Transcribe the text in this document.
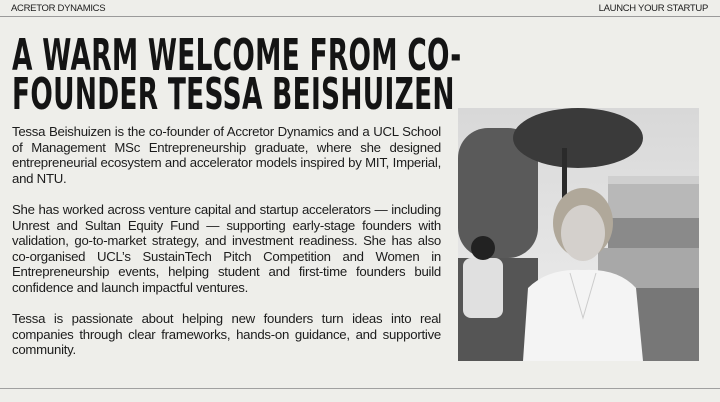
ACRETOR DYNAMICS	LAUNCH YOUR STARTUP
A WARM WELCOME FROM CO-
FOUNDER TESSA BEISHUIZEN

Tessa Beishuizen is the co-founder of Accretor Dynamics and a UCL School of Management MSc Entrepreneurship graduate, where she designed entrepreneurial ecosystem and accelerator models inspired by MIT, Imperial, and NTU.

She has worked across venture capital and startup accelerators — including Unrest and Sultan Equity Fund — supporting early-stage founders with validation, go-to-market strategy, and investment readiness. She has also co-organised UCL’s SustainTech Pitch Competition and Women in Entrepreneurship events, helping student and first-time founders build confidence and launch impactful ventures.

Tessa is passionate about helping new founders turn ideas into real companies through clear frameworks, hands-on guidance, and supportive community.
